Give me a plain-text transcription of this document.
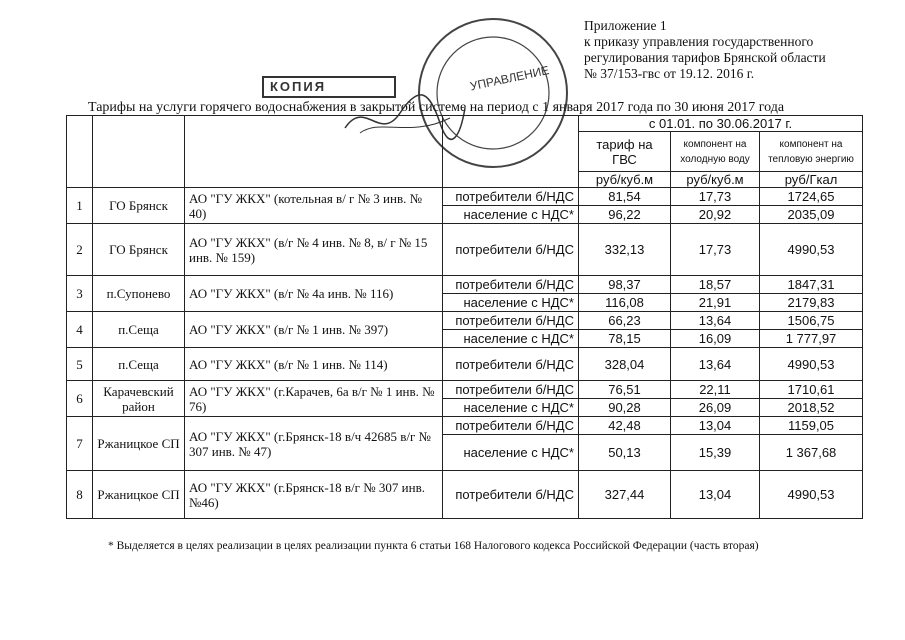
Приложение 1
к приказу управления государственного
регулирования тарифов Брянской области
№ 37/153-гвс от 19.12. 2016 г.
УПРАВЛЕНИЕ
КОПИЯ
Тарифы на услуги горячего водоснабжения в закрытой системе на период с 1 января 2017 года по 30 июня 2017 года
				с 01.01. по 30.06.2017 г.		
				тариф на ГВС	компонент на холодную воду	компонент на тепловую энергию
				руб/куб.м	руб/куб.м	руб/Гкал
1	ГО Брянск	АО "ГУ ЖКХ" (котельная в/ г № 3 инв. № 40)	потребители б/НДС	81,54	17,73	1724,65
			население с НДС*	96,22	20,92	2035,09
2	ГО Брянск	АО "ГУ ЖКХ" (в/г № 4 инв. № 8, в/ г № 15 инв. № 159)	потребители б/НДС	332,13	17,73	4990,53
3	п.Супонево	АО "ГУ ЖКХ" (в/г № 4а инв. № 116)	потребители б/НДС	98,37	18,57	1847,31
			население с НДС*	116,08	21,91	2179,83
4	п.Сеща	АО "ГУ ЖКХ" (в/г № 1 инв. № 397)	потребители б/НДС	66,23	13,64	1506,75
			население с НДС*	78,15	16,09	1 777,97
5	п.Сеща	АО "ГУ ЖКХ" (в/г № 1 инв. № 114)	потребители б/НДС	328,04	13,64	4990,53
6	Карачевский район	АО "ГУ ЖКХ" (г.Карачев, 6а в/г № 1 инв. № 76)	потребители б/НДС	76,51	22,11	1710,61
			население с НДС*	90,28	26,09	2018,52
7	Ржаницкое СП	АО "ГУ ЖКХ" (г.Брянск-18 в/ч 42685 в/г № 307 инв. № 47)	потребители б/НДС	42,48	13,04	1159,05
			население с НДС*	50,13	15,39	1 367,68
8	Ржаницкое СП	АО "ГУ ЖКХ" (г.Брянск-18 в/г № 307 инв. №46)	потребители б/НДС	327,44	13,04	4990,53
* Выделяется в целях реализации в целях реализации пункта 6 статьи 168 Налогового кодекса Российской Федерации (часть вторая)
